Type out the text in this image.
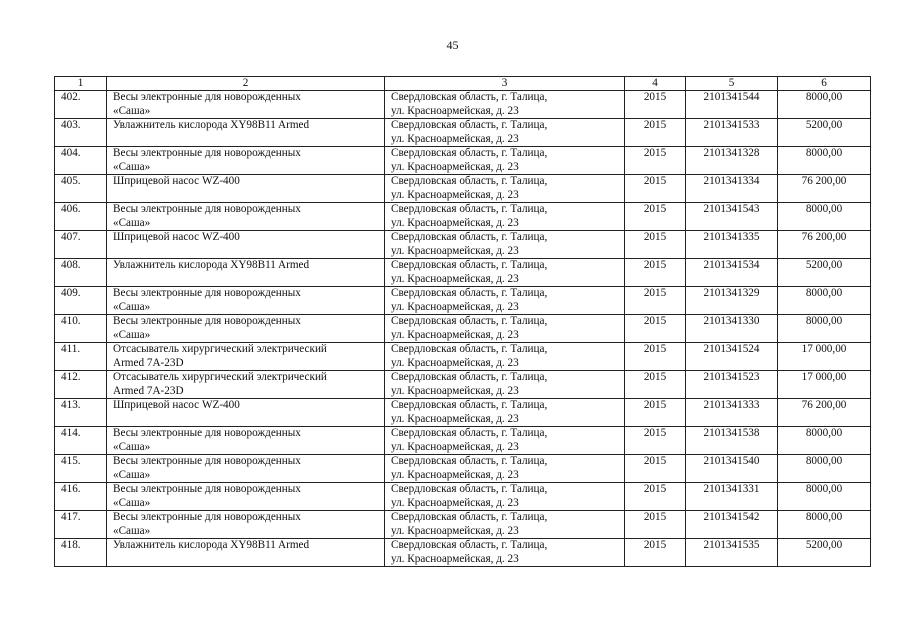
45
1	2	3	4	5	6
402.	Весы электронные для новорожденных
«Саша»	Свердловская область, г. Талица,
ул. Красноармейская, д. 23	2015	2101341544	8000,00
403.	Увлажнитель кислорода XY98B11 Armed	Свердловская область, г. Талица,
ул. Красноармейская, д. 23	2015	2101341533	5200,00
404.	Весы электронные для новорожденных
«Саша»	Свердловская область, г. Талица,
ул. Красноармейская, д. 23	2015	2101341328	8000,00
405.	Шприцевой насос WZ-400	Свердловская область, г. Талица,
ул. Красноармейская, д. 23	2015	2101341334	76 200,00
406.	Весы электронные для новорожденных
«Саша»	Свердловская область, г. Талица,
ул. Красноармейская, д. 23	2015	2101341543	8000,00
407.	Шприцевой насос WZ-400	Свердловская область, г. Талица,
ул. Красноармейская, д. 23	2015	2101341335	76 200,00
408.	Увлажнитель кислорода XY98B11 Armed	Свердловская область, г. Талица,
ул. Красноармейская, д. 23	2015	2101341534	5200,00
409.	Весы электронные для новорожденных
«Саша»	Свердловская область, г. Талица,
ул. Красноармейская, д. 23	2015	2101341329	8000,00
410.	Весы электронные для новорожденных
«Саша»	Свердловская область, г. Талица,
ул. Красноармейская, д. 23	2015	2101341330	8000,00
411.	Отсасыватель хирургический электрический
Armed 7A-23D	Свердловская область, г. Талица,
ул. Красноармейская, д. 23	2015	2101341524	17 000,00
412.	Отсасыватель хирургический электрический
Armed 7A-23D	Свердловская область, г. Талица,
ул. Красноармейская, д. 23	2015	2101341523	17 000,00
413.	Шприцевой насос WZ-400	Свердловская область, г. Талица,
ул. Красноармейская, д. 23	2015	2101341333	76 200,00
414.	Весы электронные для новорожденных
«Саша»	Свердловская область, г. Талица,
ул. Красноармейская, д. 23	2015	2101341538	8000,00
415.	Весы электронные для новорожденных
«Саша»	Свердловская область, г. Талица,
ул. Красноармейская, д. 23	2015	2101341540	8000,00
416.	Весы электронные для новорожденных
«Саша»	Свердловская область, г. Талица,
ул. Красноармейская, д. 23	2015	2101341331	8000,00
417.	Весы электронные для новорожденных
«Саша»	Свердловская область, г. Талица,
ул. Красноармейская, д. 23	2015	2101341542	8000,00
418.	Увлажнитель кислорода XY98B11 Armed	Свердловская область, г. Талица,
ул. Красноармейская, д. 23	2015	2101341535	5200,00
